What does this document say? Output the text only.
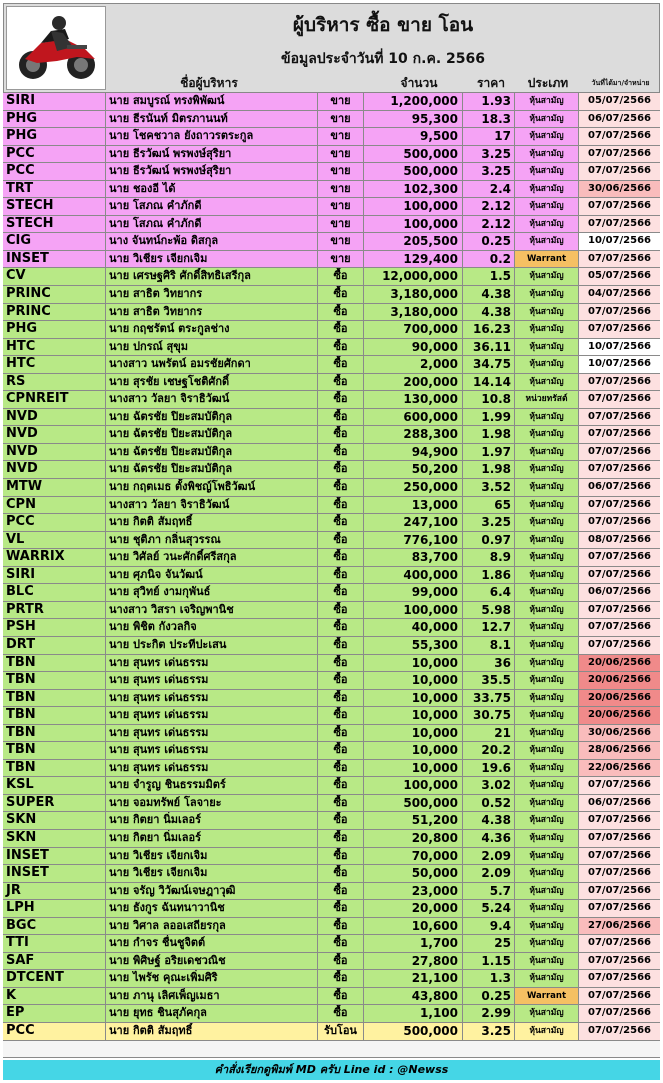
ผู้บริหาร ซื้อ ขาย โอน
ข้อมูลประจำวันที่ 10 ก.ค. 2566
ชื่อผู้บริหาร	จำนวน	ราคา	ประเภท	วันที่ได้มา/จำหน่าย
SIRI	นาย สมบูรณ์ ทรงพิพัฒน์	ขาย	1,200,000	1.93	หุ้นสามัญ	05/07/2566
PHG	นาย ธีรนันท์ มิตรภานนท์	ขาย	95,300	18.3	หุ้นสามัญ	06/07/2566
PHG	นาย โชคชวาล ยังถาวรตระกูล	ขาย	9,500	17	หุ้นสามัญ	07/07/2566
PCC	นาย ธีรวัฒน์ พรพงษ์สุริยา	ขาย	500,000	3.25	หุ้นสามัญ	07/07/2566
PCC	นาย ธีรวัฒน์ พรพงษ์สุริยา	ขาย	500,000	3.25	หุ้นสามัญ	07/07/2566
TRT	นาย ชองอี ได้	ขาย	102,300	2.4	หุ้นสามัญ	30/06/2566
STECH	นาย โสภณ คำภักดี	ขาย	100,000	2.12	หุ้นสามัญ	07/07/2566
STECH	นาย โสภณ คำภักดี	ขาย	100,000	2.12	หุ้นสามัญ	07/07/2566
CIG	นาง จันทน์กะพ้อ ดิสกุล	ขาย	205,500	0.25	หุ้นสามัญ	10/07/2566
INSET	นาย วิเชียร เจียกเจิม	ขาย	129,400	0.2	Warrant	07/07/2566
CV	นาย เศรษฐศิริ ศักดิ์สิทธิเสรีกุล	ซื้อ	12,000,000	1.5	หุ้นสามัญ	05/07/2566
PRINC	นาย สาธิต วิทยากร	ซื้อ	3,180,000	4.38	หุ้นสามัญ	04/07/2566
PRINC	นาย สาธิต วิทยากร	ซื้อ	3,180,000	4.38	หุ้นสามัญ	07/07/2566
PHG	นาย กฤชรัตน์ ตระกูลช่าง	ซื้อ	700,000	16.23	หุ้นสามัญ	07/07/2566
HTC	นาย ปกรณ์ สุขุม	ซื้อ	90,000	36.11	หุ้นสามัญ	10/07/2566
HTC	นางสาว นพรัตน์ อมรชัยศักดา	ซื้อ	2,000	34.75	หุ้นสามัญ	10/07/2566
RS	นาย สุรชัย เชษฐโชติศักดิ์	ซื้อ	200,000	14.14	หุ้นสามัญ	07/07/2566
CPNREIT	นางสาว วัลยา จิราธิวัฒน์	ซื้อ	130,000	10.8	หน่วยทรัสต์	07/07/2566
NVD	นาย ฉัตรชัย ปิยะสมบัติกุล	ซื้อ	600,000	1.99	หุ้นสามัญ	07/07/2566
NVD	นาย ฉัตรชัย ปิยะสมบัติกุล	ซื้อ	288,300	1.98	หุ้นสามัญ	07/07/2566
NVD	นาย ฉัตรชัย ปิยะสมบัติกุล	ซื้อ	94,900	1.97	หุ้นสามัญ	07/07/2566
NVD	นาย ฉัตรชัย ปิยะสมบัติกุล	ซื้อ	50,200	1.98	หุ้นสามัญ	07/07/2566
MTW	นาย กฤตเมธ ตั้งพิชญ์โพธิวัฒน์	ซื้อ	250,000	3.52	หุ้นสามัญ	06/07/2566
CPN	นางสาว วัลยา จิราธิวัฒน์	ซื้อ	13,000	65	หุ้นสามัญ	07/07/2566
PCC	นาย กิตติ สัมฤทธิ์	ซื้อ	247,100	3.25	หุ้นสามัญ	07/07/2566
VL	นาย ชุติภา กลิ่นสุวรรณ	ซื้อ	776,100	0.97	หุ้นสามัญ	08/07/2566
WARRIX	นาย วิศัลย์ วนะศักดิ์ศรีสกุล	ซื้อ	83,700	8.9	หุ้นสามัญ	07/07/2566
SIRI	นาย ศุภนิจ จันวัฒน์	ซื้อ	400,000	1.86	หุ้นสามัญ	07/07/2566
BLC	นาย สุวิทย์ งามกุพันธ์	ซื้อ	99,000	6.4	หุ้นสามัญ	06/07/2566
PRTR	นางสาว วิสรา เจริญพานิช	ซื้อ	100,000	5.98	หุ้นสามัญ	07/07/2566
PSH	นาย พิชิต กังวลกิจ	ซื้อ	40,000	12.7	หุ้นสามัญ	07/07/2566
DRT	นาย ประกิต ประทีปะเสน	ซื้อ	55,300	8.1	หุ้นสามัญ	07/07/2566
TBN	นาย สุนทร เด่นธรรม	ซื้อ	10,000	36	หุ้นสามัญ	20/06/2566
TBN	นาย สุนทร เด่นธรรม	ซื้อ	10,000	35.5	หุ้นสามัญ	20/06/2566
TBN	นาย สุนทร เด่นธรรม	ซื้อ	10,000	33.75	หุ้นสามัญ	20/06/2566
TBN	นาย สุนทร เด่นธรรม	ซื้อ	10,000	30.75	หุ้นสามัญ	20/06/2566
TBN	นาย สุนทร เด่นธรรม	ซื้อ	10,000	21	หุ้นสามัญ	30/06/2566
TBN	นาย สุนทร เด่นธรรม	ซื้อ	10,000	20.2	หุ้นสามัญ	28/06/2566
TBN	นาย สุนทร เด่นธรรม	ซื้อ	10,000	19.6	หุ้นสามัญ	22/06/2566
KSL	นาย จำรูญ ชินธรรมมิตร์	ซื้อ	100,000	3.02	หุ้นสามัญ	07/07/2566
SUPER	นาย จอมทรัพย์ โลจายะ	ซื้อ	500,000	0.52	หุ้นสามัญ	06/07/2566
SKN	นาย กิตยา นิ่มเลอร์	ซื้อ	51,200	4.38	หุ้นสามัญ	07/07/2566
SKN	นาย กิตยา นิ่มเลอร์	ซื้อ	20,800	4.36	หุ้นสามัญ	07/07/2566
INSET	นาย วิเชียร เจียกเจิม	ซื้อ	70,000	2.09	หุ้นสามัญ	07/07/2566
INSET	นาย วิเชียร เจียกเจิม	ซื้อ	50,000	2.09	หุ้นสามัญ	07/07/2566
JR	นาย จรัญ วิวัฒน์เจษฎาวุฒิ	ซื้อ	23,000	5.7	หุ้นสามัญ	07/07/2566
LPH	นาย ธังกูร ฉันทนาวานิช	ซื้อ	20,000	5.24	หุ้นสามัญ	07/07/2566
BGC	นาย วิศาล ลออเสถียรกุล	ซื้อ	10,600	9.4	หุ้นสามัญ	27/06/2566
TTI	นาย กำจร ชื่นชูจิตต์	ซื้อ	1,700	25	หุ้นสามัญ	07/07/2566
SAF	นาย พิศิษฐ์ อริยเดชวณิช	ซื้อ	27,800	1.15	หุ้นสามัญ	07/07/2566
DTCENT	นาย ไพรัช คุณะเพิ่มศิริ	ซื้อ	21,100	1.3	หุ้นสามัญ	07/07/2566
K	นาย ภานุ เลิศเพ็ญเมธา	ซื้อ	43,800	0.25	Warrant	07/07/2566
EP	นาย ยุทธ ชินสุภัคกุล	ซื้อ	1,100	2.99	หุ้นสามัญ	07/07/2566
PCC	นาย กิตติ สัมฤทธิ์	รับโอน	500,000	3.25	หุ้นสามัญ	07/07/2566
คำสั่งเรียกดูพิมพ์ MD ครับ Line id : @Newss
